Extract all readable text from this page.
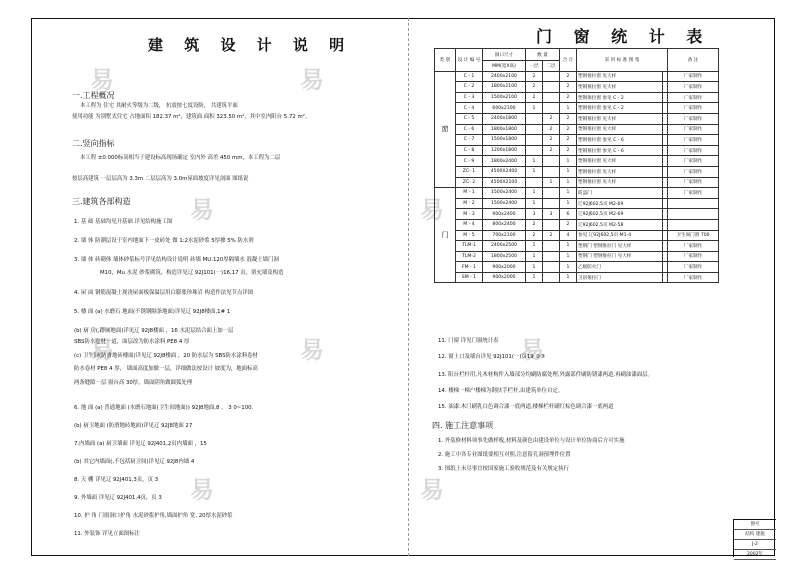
易	易
易	易
易	易	易
易	易
建 筑 设 计 说 明
一.工程概况
本工程为 住宅 其耐火等级为二级， 抗震按七度设防， 共建筑平面
使用功能 为别墅式住宅 占地面积 182.37 m²，建筑面 面积 323.50 m²，其中室内阳台 5.72 m²。
二.竖向指标
本工程 ±0.000标高相当于建设标高现场确定 室内外 高差 450 mm，本工程为二层
按层高建筑 一层层高为 3.3m 二层层高为 3.0m屋面坡度详见剖面 图纸说
三.建筑各部构造
1. 基 础 基础均见开基础 详见结构施工图
2. 墙 体 防潮层设于室内地面下一皮砖处 做 1:2水泥砂浆 5厚掺 5% 防水剂
3. 墙 体 砖砌体 墙体砂浆标号详见结构设计说明 砖墙 MU.120厚隔墙水 混凝土墙门洞
M10，Mu 水泥 砂浆砌筑，构造详见辽 92J101(一)16,17 页，填充墙及构造
4. 屋 面 钢筋混凝土现浇屋面板保温层用白膨胀珍珠岩 构造作法见节点详图
5. 楼 面 (a) 水磨石 地面(不锈钢隔条地面)详见辽 92J8楼面,1# 1
(b) 厨 房(,蹲厕地面)详见辽 92J8楼面 ，16 水泥层结合面上加一层
SBS防水卷材一道，面层改为防水涂料 PE8 4 厚
(c) 卫生间(防滑地砖楼面)详见辽 92J8楼面 ，20 防水层为 SBS防水涂料卷材
防水卷材 PE8 4 厚， 墙面高度加做一层，详细做法按设计 坡度为，地面标高
两条缝隙一层 窗台高 30厚，墙面阴角做圆弧处理
6. 地 面 (a) 普通地面 (水磨石地面(卫生间地面)) 92J8地面,8 ， 3 0~100.
(b) 厨卫地面 (防滑地砖地面)详见辽 92J8地面 27
7.内墙面 (a) 厨卫墙面 详见辽 92J401,2页内墙面 ，15
(b) 其它内墙面(,不包括厨卫间)详见辽 92J8内墙 4
8. 天 棚 详见辽 92J401,3页，页 3
9. 外墙面 详见辽 92J401,4页，页 3
10. 护 角 门窗洞口护角 水泥砂浆护角,墙面护角 宽, 20厚水泥砂浆
11. 外装饰 详见立面图标注
门 窗 统 计 表
类 别	设 计 编 号	洞口尺寸	数 量		合 计	采 用 标 准 图 集		备 注
		MM(宽X高)	一层	二层				
窗	C - 1	2400x2100	2		2	塑钢推拉窗 见大样		厂家制作
	C - 2	1800x2100	2		2	塑钢推拉窗 见大样		厂家制作
	C - 3	1500x2100	2		2	塑钢推拉窗 参见 C - 2		厂家制作
	C - 4	600x2100	1		1	塑钢推拉窗 参见 C - 2		厂家制作
	C - 5	2400x1800		2	2	塑钢推拉窗 见大样		厂家制作
	C - 6	1800x1800		2	2	塑钢推拉窗 见大样		厂家制作
	C - 7	1500x1800		2	2	塑钢推拉窗 参见 C - 6		厂家制作
	C - 8	1200x1800		2	2	塑钢推拉窗 参见 C - 6		厂家制作
	C - 9	1800x2400	1		1	塑钢推拉窗 见大样		厂家制作
	ZC- 1	4500X2400	1		1	塑钢推拉窗 见大样		厂家制作
	ZC- 2	4500X2100		1	1	塑钢推拉窗 见大样		厂家制作
门	M - 1	1500x2400	1		1	防盗门		厂家制作
	M - 2	1500x2400	1		1	辽92J602,5页 M2-69		
	M - 3	900x2400	3	3	6	辽92J602,5页 M2-69		
	M - 4	800x2400	2		2	辽92J602,5页 M2-58		
	M - 5	700x2100	2	2	4	参见 辽92J602,5页 M1-4		卫生间门窗 700
	TLM-1	2400x2500	1		1	塑钢门 塑钢推拉门 见大样		厂家制作
	TLM-2	1800x2500	1		1	塑钢门 塑钢推拉门 见大样		厂家制作
	FM - 1	900x2000	1		1	乙级防火门		厂家制作
	SM - 1	900x2000	1		1	卫浴推拉门		厂家制作
11. 门窗 详见门窗统计表
12. 窗上口及墙台详见 92J101(一)页19 ①③
13. 阳台栏杆用,凡木材构件入墙部分均刷防腐处理,外露部件刷防锈漆两道,再刷油漆面层。
14. 楼梯一梯户楼梯为钢扶手栏杆,由建筑单位自定。
15. 油漆:木门刷乳白色调合漆一底两道,楼梯栏杆刷红棕色调合漆一底两道
四. 施工注意事项
1. 外装修材料须事先做样板,材料及颜色由建设单位与设计单位协商后方可实施
2. 施工中各专业图纸要相互对照,注意留孔洞预埋件位置
3. 图纸上未尽事宜按国家施工验收规范及有关规定执行
图号
结构 建施
J-2
2002年
